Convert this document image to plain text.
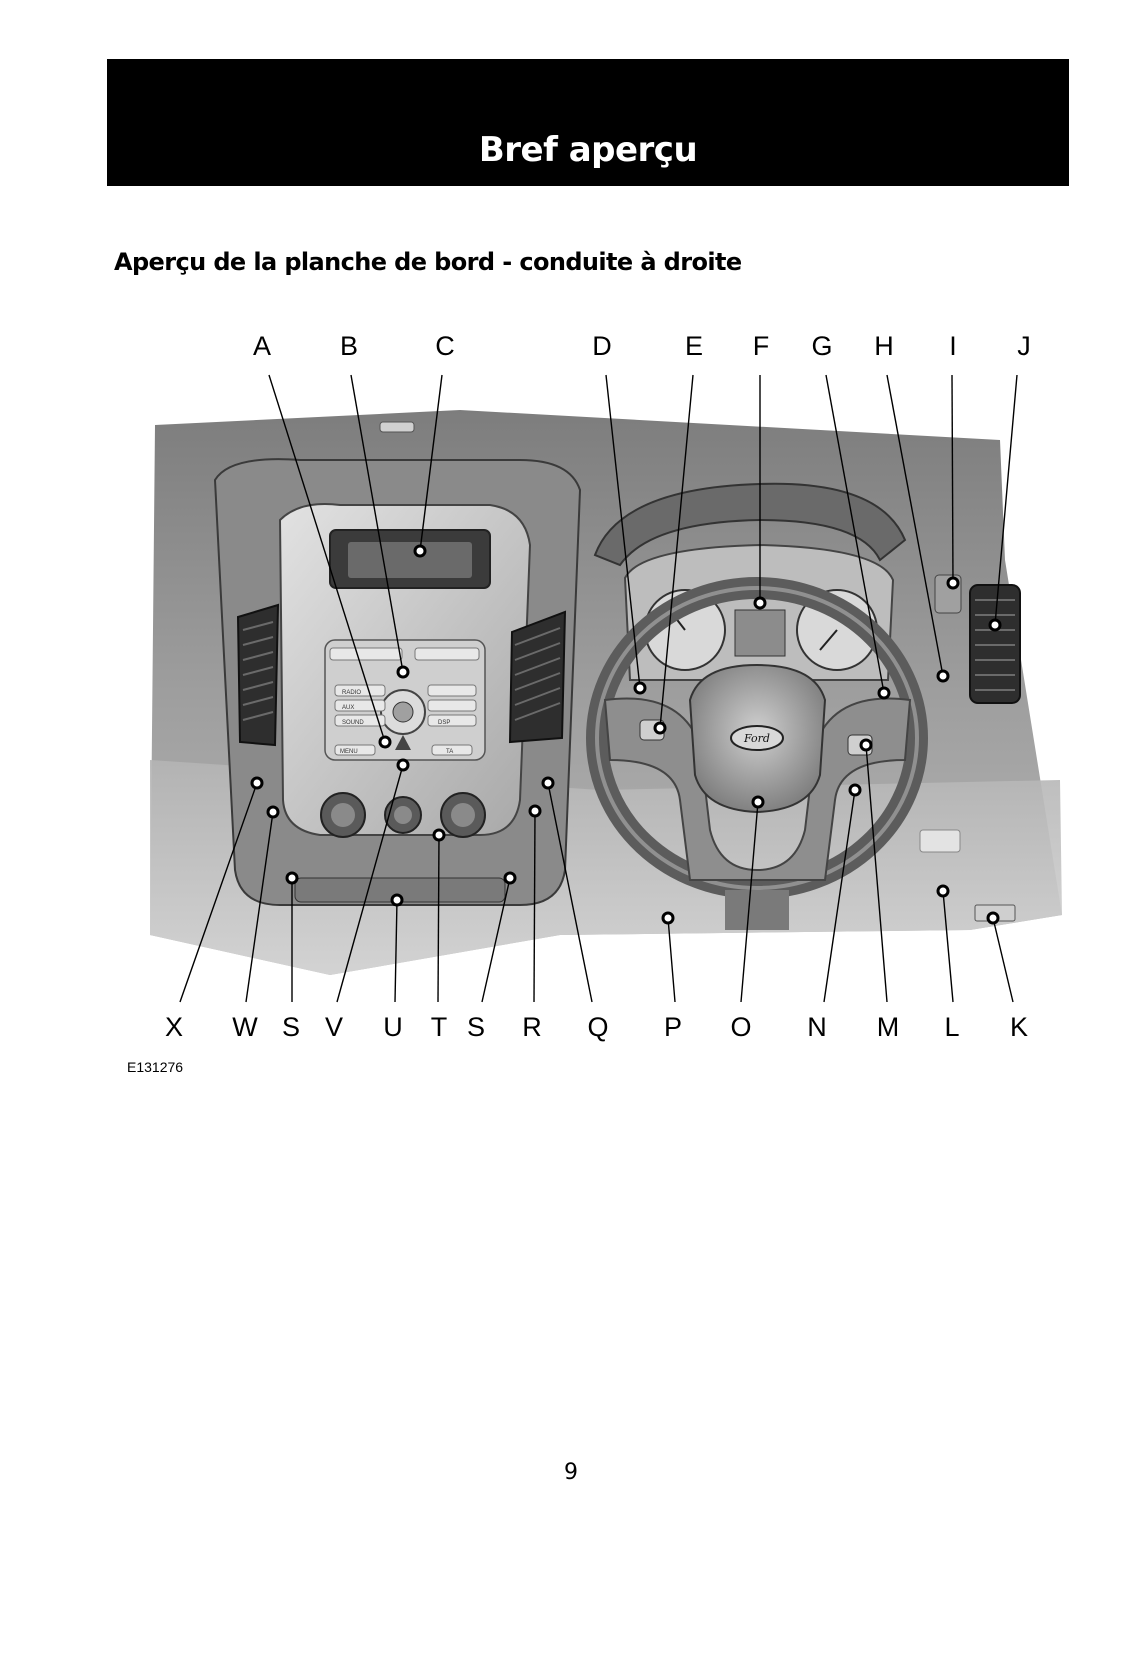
Bref aperçu
Aperçu de la planche de bord - conduite à droite
RADIO
AUX
SOUND	DSP
MENU	TA
Ford
A	B	C	D	E F G H I J
X W S V U T S R Q P O N M L K
E131276
9
